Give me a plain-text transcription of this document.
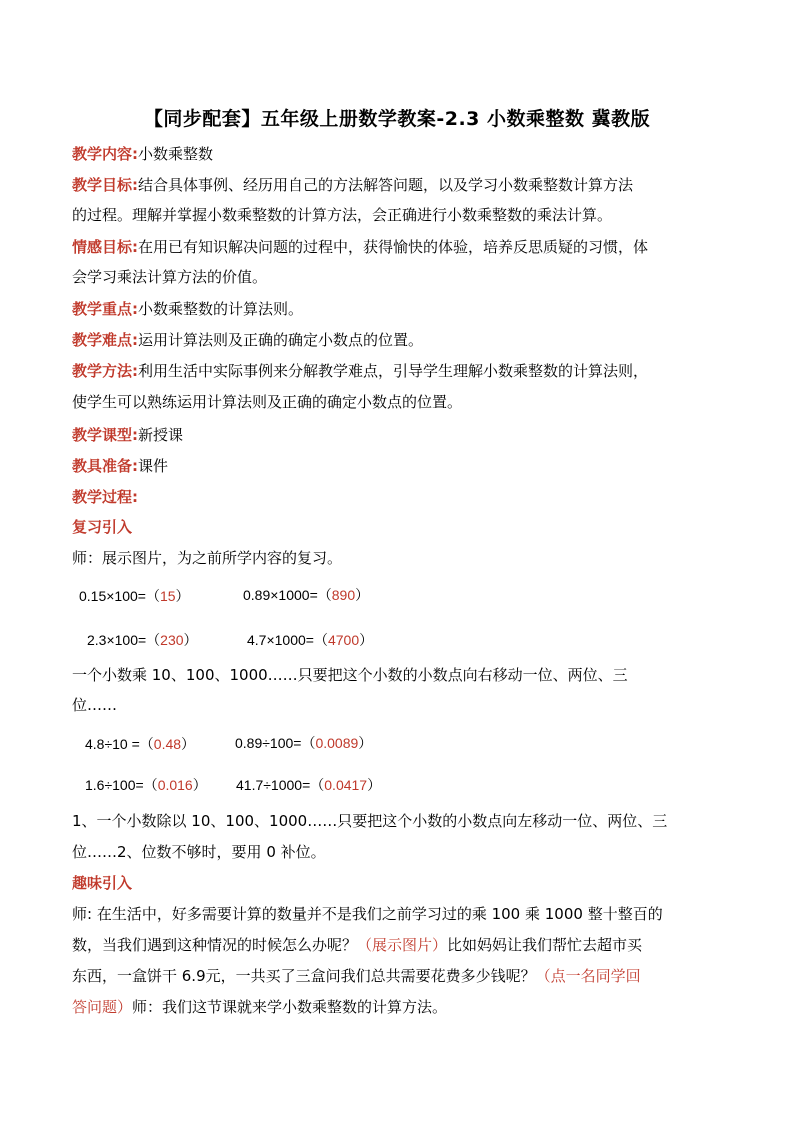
【同步配套】五年级上册数学教案-2.3 小数乘整数 冀教版
教学内容:小数乘整数
教学目标:结合具体事例、经历用自己的方法解答问题，以及学习小数乘整数计算方法
的过程。理解并掌握小数乘整数的计算方法，会正确进行小数乘整数的乘法计算。
情感目标:在用已有知识解决问题的过程中，获得愉快的体验，培养反思质疑的习惯，体
会学习乘法计算方法的价值。
教学重点:小数乘整数的计算法则。
教学难点:运用计算法则及正确的确定小数点的位置。
教学方法:利用生活中实际事例来分解教学难点，引导学生理解小数乘整数的计算法则，
使学生可以熟练运用计算法则及正确的确定小数点的位置。
教学课型:新授课
教具准备:课件
教学过程:
复习引入
师：展示图片，为之前所学内容的复习。
0.15×100=（15）	0.89×1000=（890）
2.3×100=（230）	4.7×1000=（4700）
一个小数乘 10、100、1000……只要把这个小数的小数点向右移动一位、两位、三
位……
4.8÷10 =（0.48）	0.89÷100=（0.0089）
1.6÷100=（0.016） 41.7÷1000=（0.0417）
1、一个小数除以 10、100、1000……只要把这个小数的小数点向左移动一位、两位、三
位……2、位数不够时，要用 0 补位。
趣味引入
师: 在生活中，好多需要计算的数量并不是我们之前学习过的乘 100 乘 1000 整十整百的
数，当我们遇到这种情况的时候怎么办呢？（展示图片）比如妈妈让我们帮忙去超市买
东西，一盒饼干 6.9元，一共买了三盒问我们总共需要花费多少钱呢？（点一名同学回
答问题）师：我们这节课就来学小数乘整数的计算方法。
